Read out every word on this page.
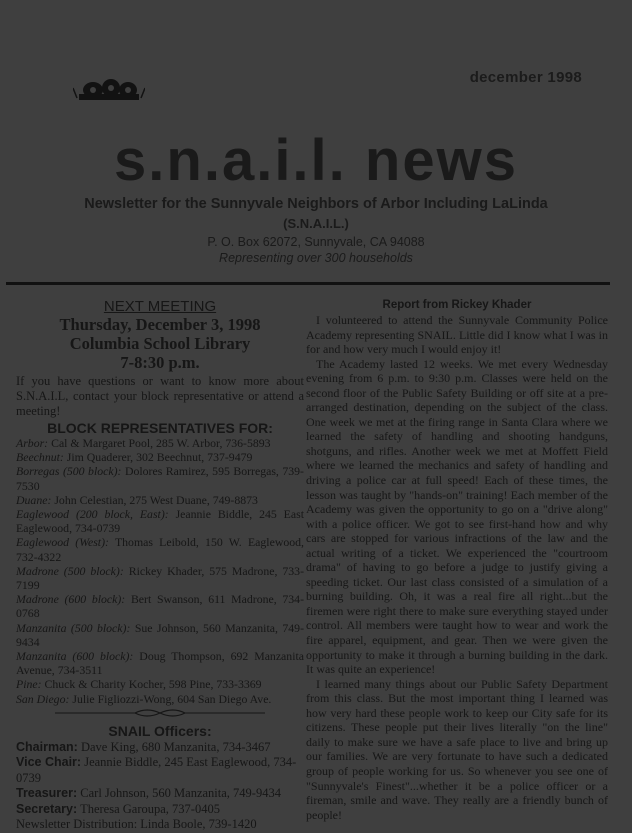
december 1998
s.n.a.i.l. news
Newsletter for the Sunnyvale Neighbors of Arbor Including LaLinda
(S.N.A.I.L.)
P. O. Box 62072, Sunnyvale, CA 94088
Representing over 300 households

NEXT MEETING

Thursday, December 3, 1998

Columbia School Library

7-8:30 p.m.

If you have questions or want to know more about S.N.A.I.L, contact your block representative or attend a meeting!

BLOCK REPRESENTATIVES FOR:

Arbor: Cal & Margaret Pool, 285 W. Arbor, 736-5893

Beechnut: Jim Quaderer, 302 Beechnut, 737-9479

Borregas (500 block): Dolores Ramirez, 595 Borregas, 739-7530

Duane: John Celestian, 275 West Duane, 749-8873

Eaglewood (200 block, East): Jeannie Biddle, 245 East Eaglewood, 734-0739

Eaglewood (West): Thomas Leibold, 150 W. Eaglewood, 732-4322

Madrone (500 block): Rickey Khader, 575 Madrone, 733-7199

Madrone (600 block): Bert Swanson, 611 Madrone, 734-0768

Manzanita (500 block): Sue Johnson, 560 Manzanita, 749-9434

Manzanita (600 block): Doug Thompson, 692 Manzanita Avenue, 734-3511

Pine: Chuck & Charity Kocher, 598 Pine, 733-3369

San Diego: Julie Figliozzi-Wong, 604 San Diego Ave.

SNAIL Officers:

Chairman: Dave King, 680 Manzanita, 734-3467

Vice Chair: Jeannie Biddle, 245 East Eaglewood, 734-0739

Treasurer: Carl Johnson, 560 Manzanita, 749-9434

Secretary: Theresa Garoupa, 737-0405

Newsletter Distribution: Linda Boole, 739-1420

Report from Rickey Khader

I volunteered to attend the Sunnyvale Community Police Academy representing SNAIL. Little did I know what I was in for and how very much I would enjoy it!

The Academy lasted 12 weeks. We met every Wednesday evening from 6 p.m. to 9:30 p.m. Classes were held on the second floor of the Public Safety Building or off site at a pre-arranged destination, depending on the subject of the class. One week we met at the firing range in Santa Clara where we learned the safety of handling and shooting handguns, shotguns, and rifles. Another week we met at Moffett Field where we learned the mechanics and safety of handling and driving a police car at full speed! Each of these times, the lesson was taught by "hands-on" training! Each member of the Academy was given the opportunity to go on a "drive along" with a police officer. We got to see first-hand how and why cars are stopped for various infractions of the law and the actual writing of a ticket. We experienced the "courtroom drama" of having to go before a judge to justify giving a speeding ticket. Our last class consisted of a simulation of a burning building. Oh, it was a real fire all right...but the firemen were right there to make sure everything stayed under control. All members were taught how to wear and work the fire apparel, equipment, and gear. Then we were given the opportunity to make it through a burning building in the dark. It was quite an experience!

I learned many things about our Public Safety Department from this class. But the most important thing I learned was how very hard these people work to keep our City safe for its citizens. These people put their lives literally "on the line" daily to make sure we have a safe place to live and bring up our families. We are very fortunate to have such a dedicated group of people working for us. So whenever you see one of "Sunnyvale's Finest"...whether it be a police officer or a fireman, smile and wave. They really are a friendly bunch of people!
